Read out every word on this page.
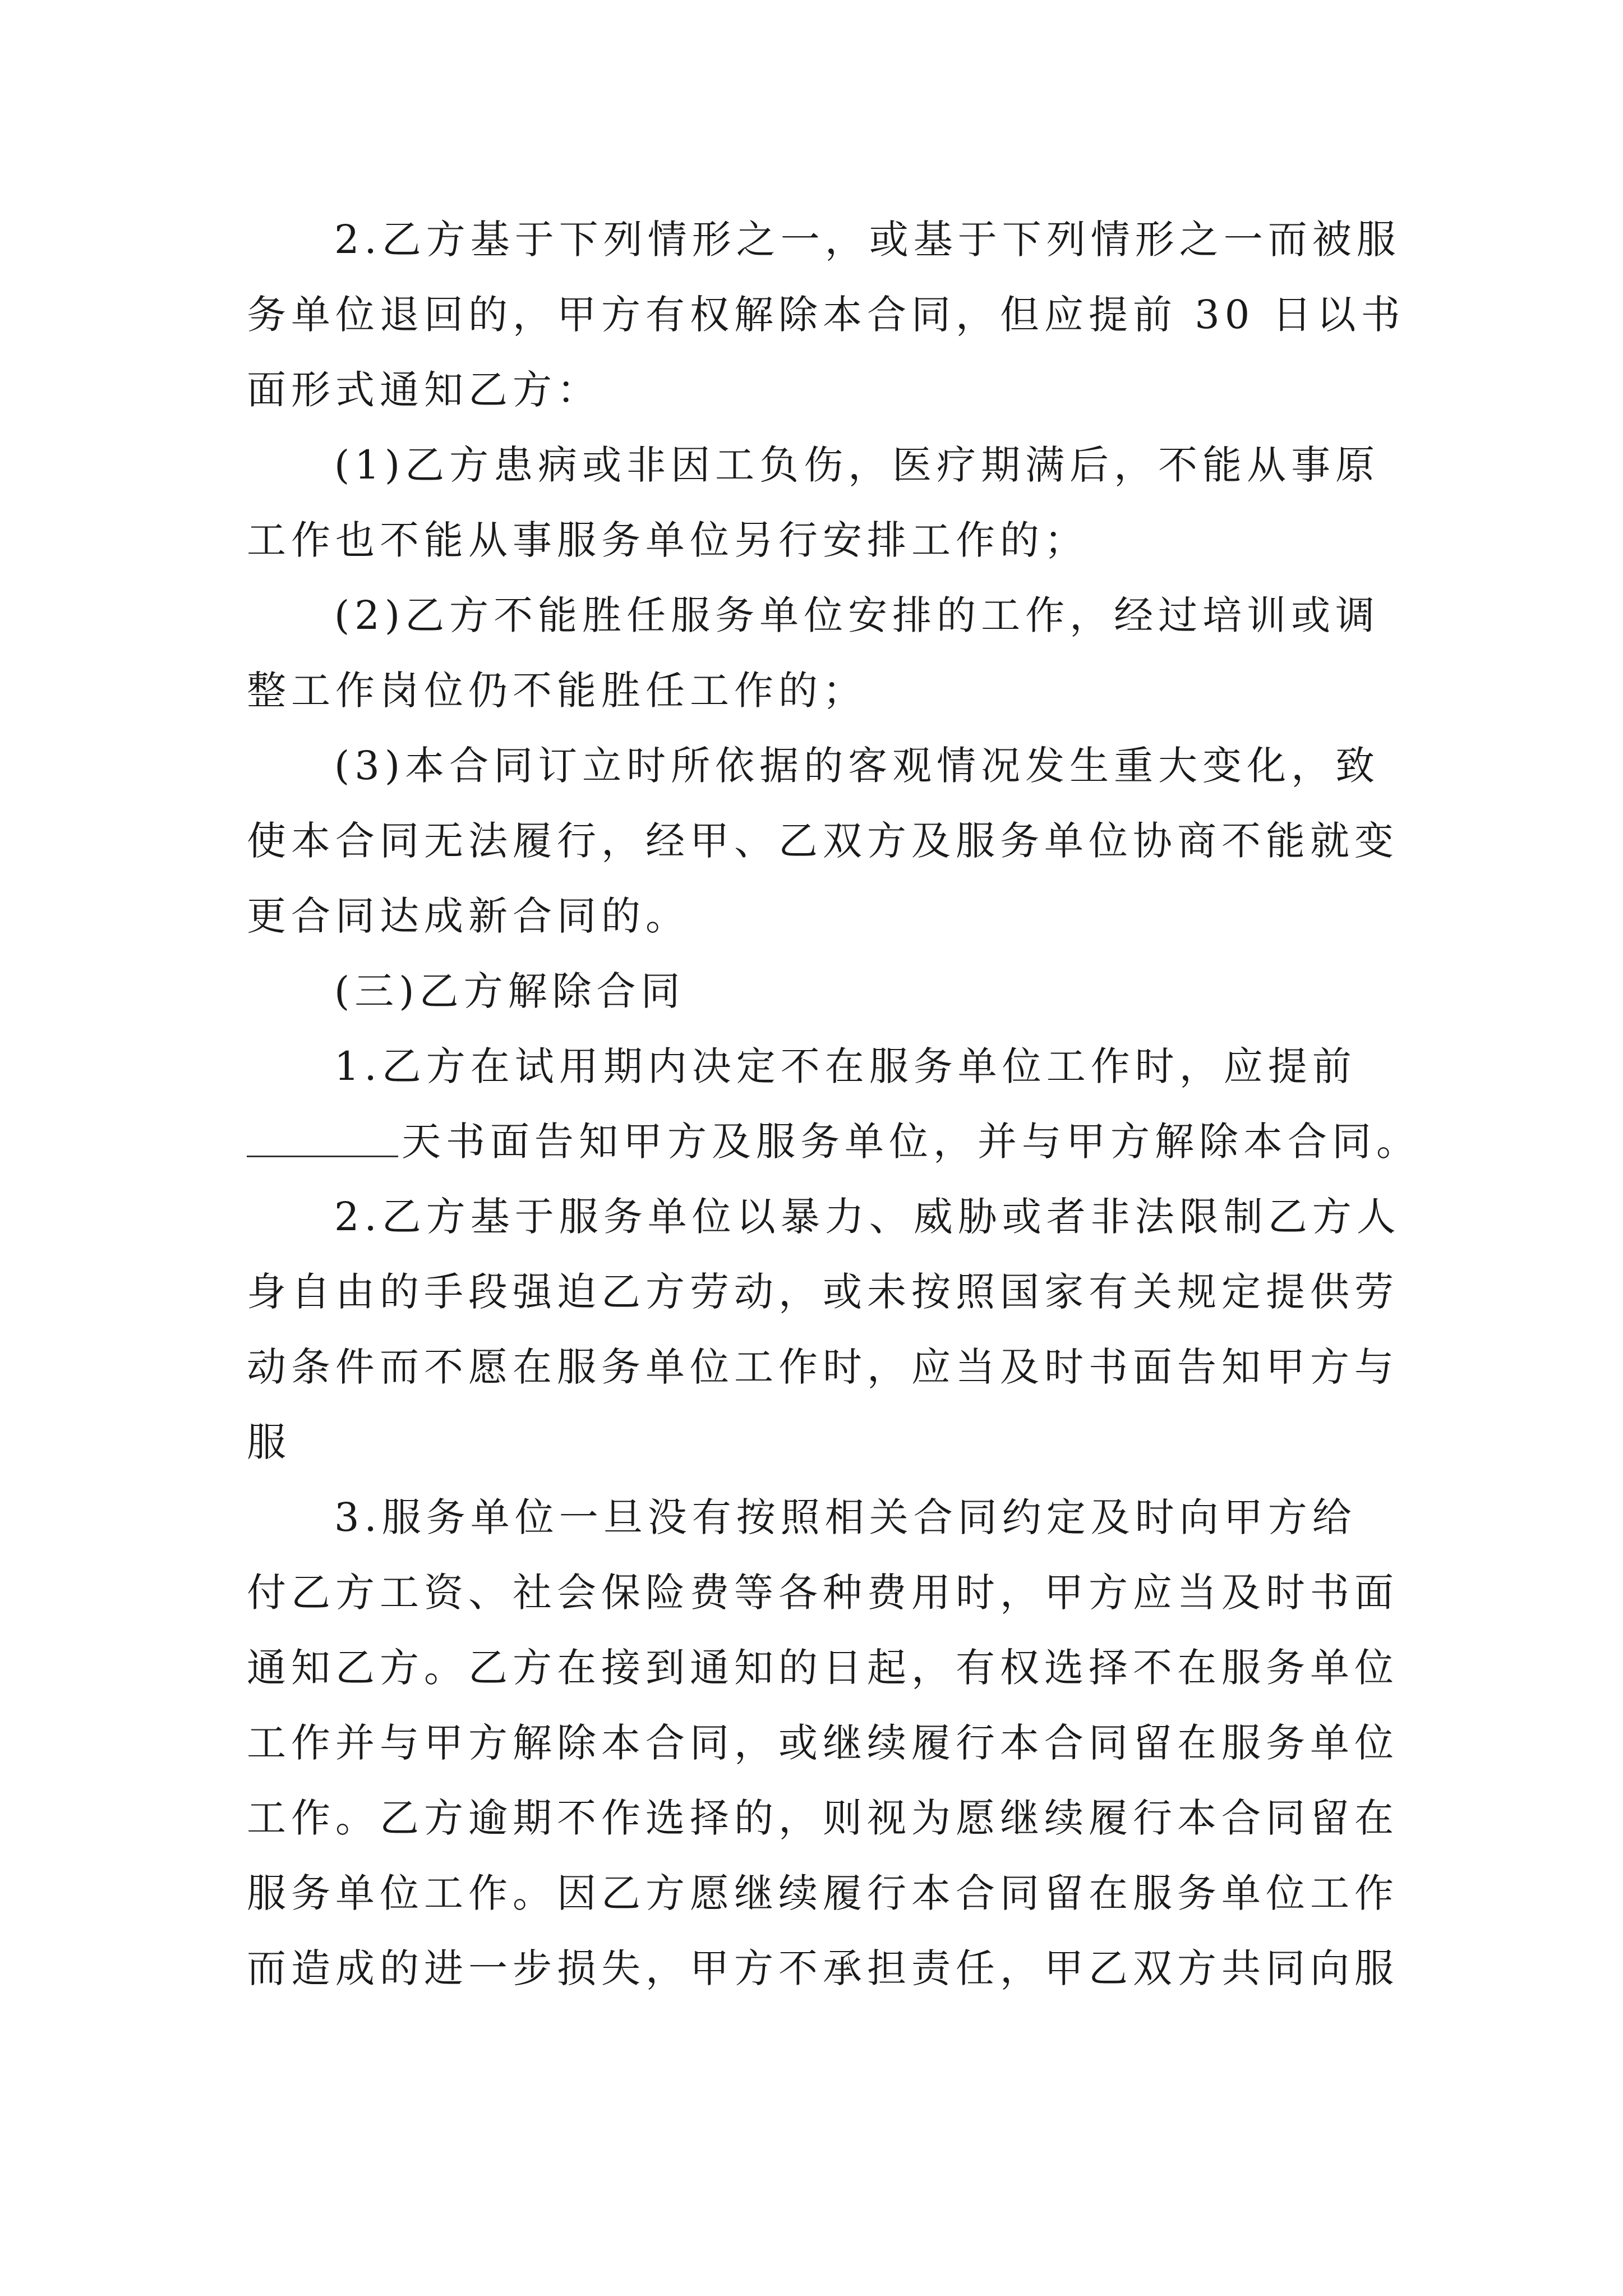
2.乙方基于下列情形之一，或基于下列情形之一而被服
务单位退回的，甲方有权解除本合同，但应提前 30 日以书
面形式通知乙方：
(1)乙方患病或非因工负伤，医疗期满后，不能从事原
工作也不能从事服务单位另行安排工作的；
(2)乙方不能胜任服务单位安排的工作，经过培训或调
整工作岗位仍不能胜任工作的；
(3)本合同订立时所依据的客观情况发生重大变化，致
使本合同无法履行，经甲、乙双方及服务单位协商不能就变
更合同达成新合同的。
(三)乙方解除合同
1.乙方在试用期内决定不在服务单位工作时，应提前
天书面告知甲方及服务单位，并与甲方解除本合同。
2.乙方基于服务单位以暴力、威胁或者非法限制乙方人
身自由的手段强迫乙方劳动，或未按照国家有关规定提供劳
动条件而不愿在服务单位工作时，应当及时书面告知甲方与
服
3.服务单位一旦没有按照相关合同约定及时向甲方给
付乙方工资、社会保险费等各种费用时，甲方应当及时书面
通知乙方。乙方在接到通知的日起，有权选择不在服务单位
工作并与甲方解除本合同，或继续履行本合同留在服务单位
工作。乙方逾期不作选择的，则视为愿继续履行本合同留在
服务单位工作。因乙方愿继续履行本合同留在服务单位工作
而造成的进一步损失，甲方不承担责任，甲乙双方共同向服
